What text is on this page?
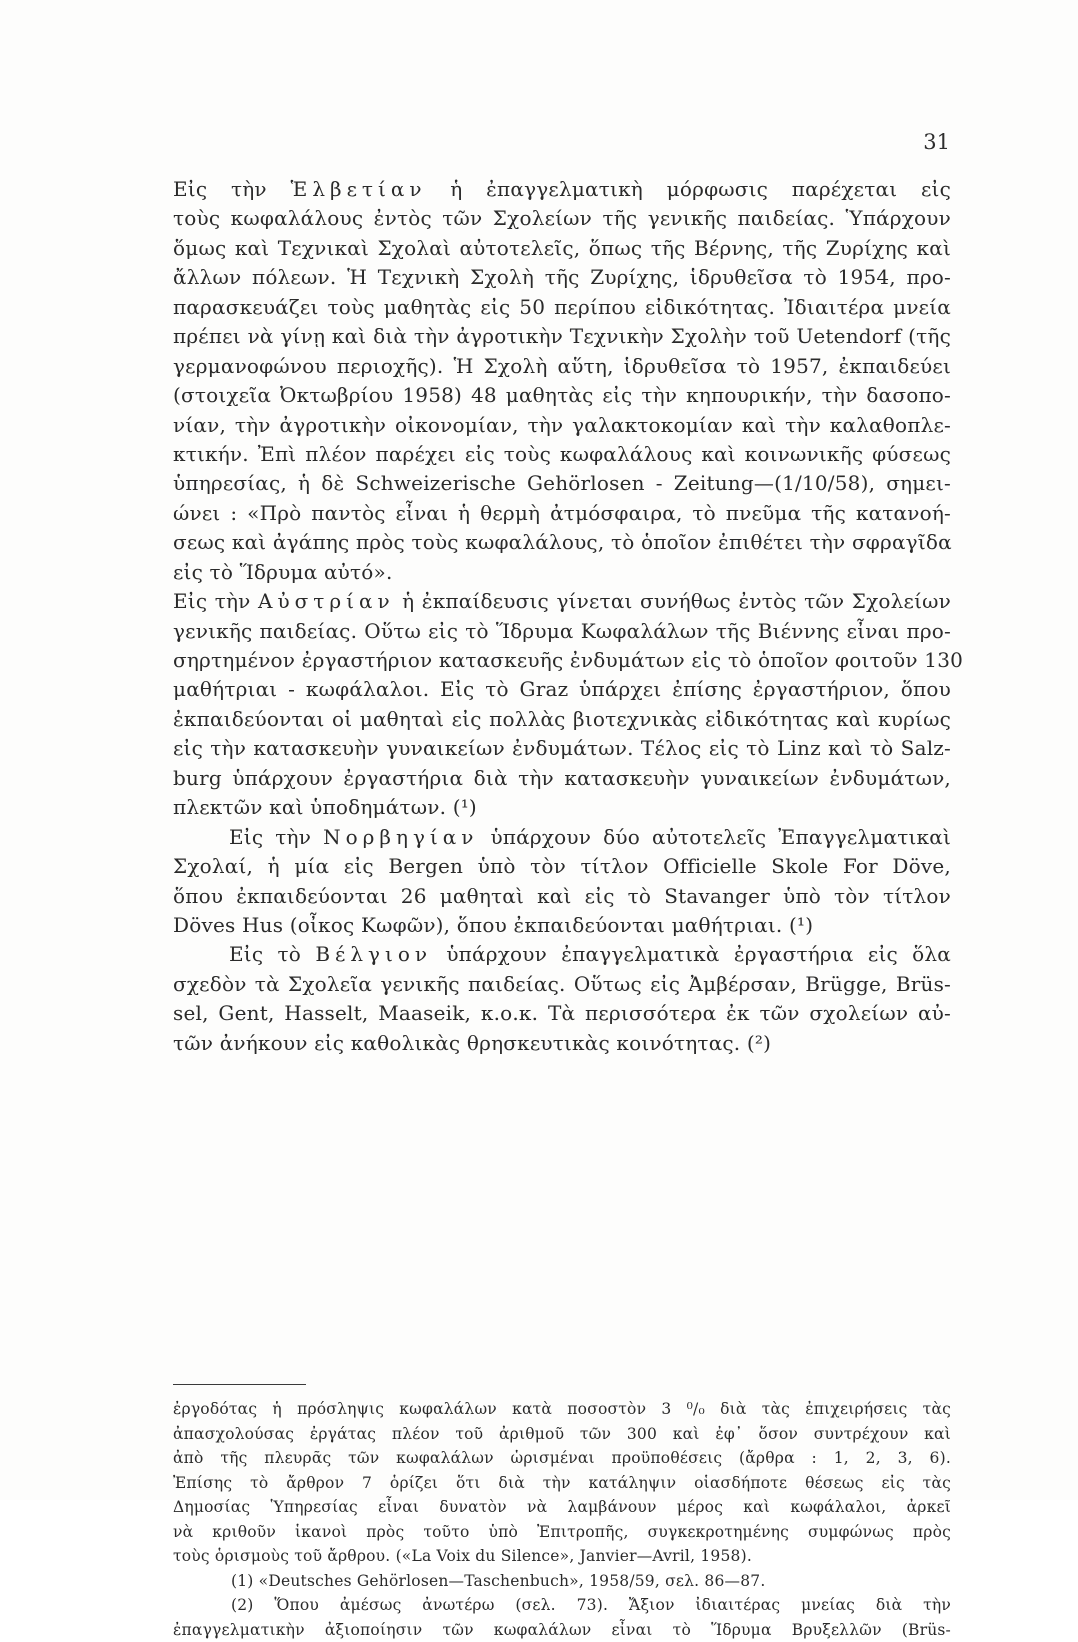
31
Εἰς τὴν Ἑλβετίαν ἡ ἐπαγγελματικὴ μόρφωσις παρέχεται εἰς
τοὺς κωφαλάλους ἐντὸς τῶν Σχολείων τῆς γενικῆς παιδείας. Ὑπάρχουν
ὅμως καὶ Τεχνικαὶ Σχολαὶ αὐτοτελεῖς, ὅπως τῆς Βέρνης, τῆς Ζυρίχης καὶ
ἄλλων πόλεων. Ἡ Τεχνικὴ Σχολὴ τῆς Ζυρίχης, ἱδρυθεῖσα τὸ 1954, προ-
παρασκευάζει τοὺς μαθητὰς εἰς 50 περίπου εἰδικότητας. Ἰδιαιτέρα μνεία
πρέπει νὰ γίνῃ καὶ διὰ τὴν ἀγροτικὴν Τεχνικὴν Σχολὴν τοῦ Uetendorf (τῆς
γερμανοφώνου περιοχῆς). Ἡ Σχολὴ αὕτη, ἱδρυθεῖσα τὸ 1957, ἐκπαιδεύει
(στοιχεῖα Ὀκτωβρίου 1958) 48 μαθητὰς εἰς τὴν κηπουρικήν, τὴν δασοπο-
νίαν, τὴν ἀγροτικὴν οἰκονομίαν, τὴν γαλακτοκομίαν καὶ τὴν καλαθοπλε-
κτικήν. Ἐπὶ πλέον παρέχει εἰς τοὺς κωφαλάλους καὶ κοινωνικῆς φύσεως
ὑπηρεσίας, ἡ δὲ Schweizerische Gehörlosen - Zeitung—(1/10/58), σημει-
ώνει : «Πρὸ παντὸς εἶναι ἡ θερμὴ ἀτμόσφαιρα, τὸ πνεῦμα τῆς κατανοή-
σεως καὶ ἀγάπης πρὸς τοὺς κωφαλάλους, τὸ ὁποῖον ἐπιθέτει τὴν σφραγῖδα
εἰς τὸ Ἵδρυμα αὐτό».
Εἰς τὴν Αὐστρίαν ἡ ἐκπαίδευσις γίνεται συνήθως ἐντὸς τῶν Σχολείων
γενικῆς παιδείας. Οὕτω εἰς τὸ Ἵδρυμα Κωφαλάλων τῆς Βιέννης εἶναι προ-
σηρτημένον ἐργαστήριον κατασκευῆς ἐνδυμάτων εἰς τὸ ὁποῖον φοιτοῦν 130
μαθήτριαι - κωφάλαλοι. Εἰς τὸ Graz ὑπάρχει ἐπίσης ἐργαστήριον, ὅπου
ἐκπαιδεύονται οἱ μαθηταὶ εἰς πολλὰς βιοτεχνικὰς εἰδικότητας καὶ κυρίως
εἰς τὴν κατασκευὴν γυναικείων ἐνδυμάτων. Τέλος εἰς τὸ Linz καὶ τὸ Salz-
burg ὑπάρχουν ἐργαστήρια διὰ τὴν κατασκευὴν γυναικείων ἐνδυμάτων,
πλεκτῶν καὶ ὑποδημάτων. (¹)
Εἰς τὴν Νορβηγίαν ὑπάρχουν δύο αὐτοτελεῖς Ἐπαγγελματικαὶ
Σχολαί, ἡ μία εἰς Bergen ὑπὸ τὸν τίτλον Officielle Skole For Döve,
ὅπου ἐκπαιδεύονται 26 μαθηταὶ καὶ εἰς τὸ Stavanger ὑπὸ τὸν τίτλον
Döves Hus (οἶκος Κωφῶν), ὅπου ἐκπαιδεύονται μαθήτριαι. (¹)
Εἰς τὸ Βέλγιον ὑπάρχουν ἐπαγγελματικὰ ἐργαστήρια εἰς ὅλα
σχεδὸν τὰ Σχολεῖα γενικῆς παιδείας. Οὕτως εἰς Ἀμβέρσαν, Brügge, Brüs-
sel, Gent, Hasselt, Maaseik, κ.ο.κ. Τὰ περισσότερα ἐκ τῶν σχολείων αὐ-
τῶν ἀνήκουν εἰς καθολικὰς θρησκευτικὰς κοινότητας. (²)
ἐργοδότας ἡ πρόσληψις κωφαλάλων κατὰ ποσοστὸν 3 ⁰/₀ διὰ τὰς ἐπιχειρήσεις τὰς
ἀπασχολούσας ἐργάτας πλέον τοῦ ἀριθμοῦ τῶν 300 καὶ ἐφ᾿ ὅσον συντρέχουν καὶ
ἀπὸ τῆς πλευρᾶς τῶν κωφαλάλων ὡρισμέναι προϋποθέσεις (ἄρθρα : 1, 2, 3, 6).
Ἐπίσης τὸ ἄρθρον 7 ὁρίζει ὅτι διὰ τὴν κατάληψιν οἱασδήποτε θέσεως εἰς τὰς
Δημοσίας Ὑπηρεσίας εἶναι δυνατὸν νὰ λαμβάνουν μέρος καὶ κωφάλαλοι, ἀρκεῖ
νὰ κριθοῦν ἱκανοὶ πρὸς τοῦτο ὑπὸ Ἐπιτροπῆς, συγκεκροτημένης συμφώνως πρὸς
τοὺς ὁρισμοὺς τοῦ ἄρθρου. («La Voix du Silence», Janvier—Avril, 1958).
(1) «Deutsches Gehörlosen—Taschenbuch», 1958/59, σελ. 86—87.
(2) Ὅπου ἀμέσως ἀνωτέρω (σελ. 73). Ἄξιον ἰδιαιτέρας μνείας διὰ τὴν
ἐπαγγελματικὴν ἀξιοποίησιν τῶν κωφαλάλων εἶναι τὸ Ἵδρυμα Βρυξελλῶν (Brüs-
